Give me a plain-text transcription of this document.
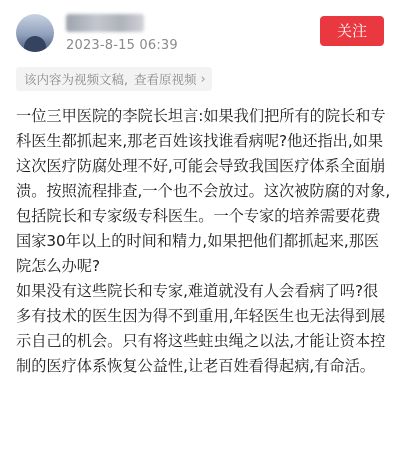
2023-8-15 06:39
关注
该内容为视频文稿, 查看原视频 ›

一位三甲医院的李院长坦言:如果我们把所有的院长和专科医生都抓起来,那老百姓该找谁看病呢?他还指出,如果这次医疗防腐处理不好,可能会导致我国医疗体系全面崩溃。按照流程排查,一个也不会放过。这次被防腐的对象,包括院长和专家级专科医生。一个专家的培养需要花费国家30年以上的时间和精力,如果把他们都抓起来,那医院怎么办呢?

如果没有这些院长和专家,难道就没有人会看病了吗?很多有技术的医生因为得不到重用,年轻医生也无法得到展示自己的机会。只有将这些蛀虫绳之以法,才能让资本控制的医疗体系恢复公益性,让老百姓看得起病,有命活。
